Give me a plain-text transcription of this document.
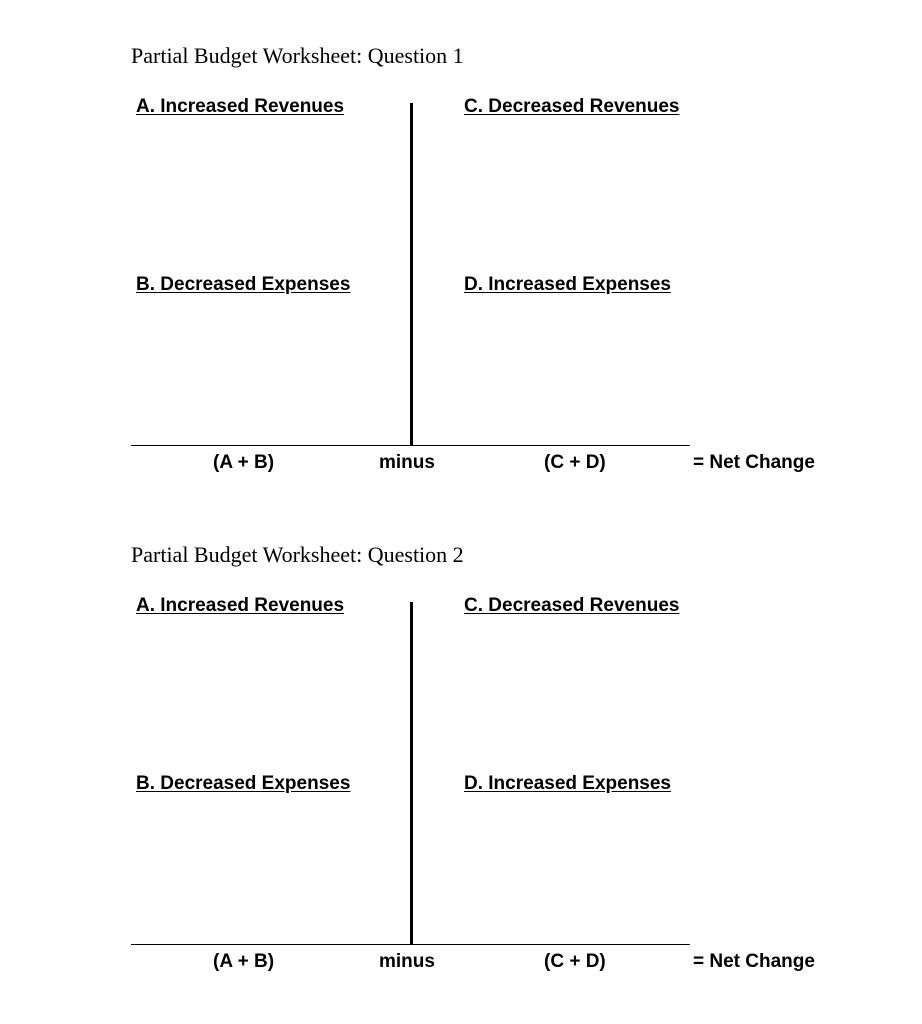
Partial Budget Worksheet: Question 1
A. Increased Revenues	C. Decreased Revenues
B. Decreased Expenses	D. Increased Expenses
(A + B)	minus	(C + D)	= Net Change
Partial Budget Worksheet: Question 2
A. Increased Revenues	C. Decreased Revenues
B. Decreased Expenses	D. Increased Expenses
(A + B)	minus	(C + D)	= Net Change
